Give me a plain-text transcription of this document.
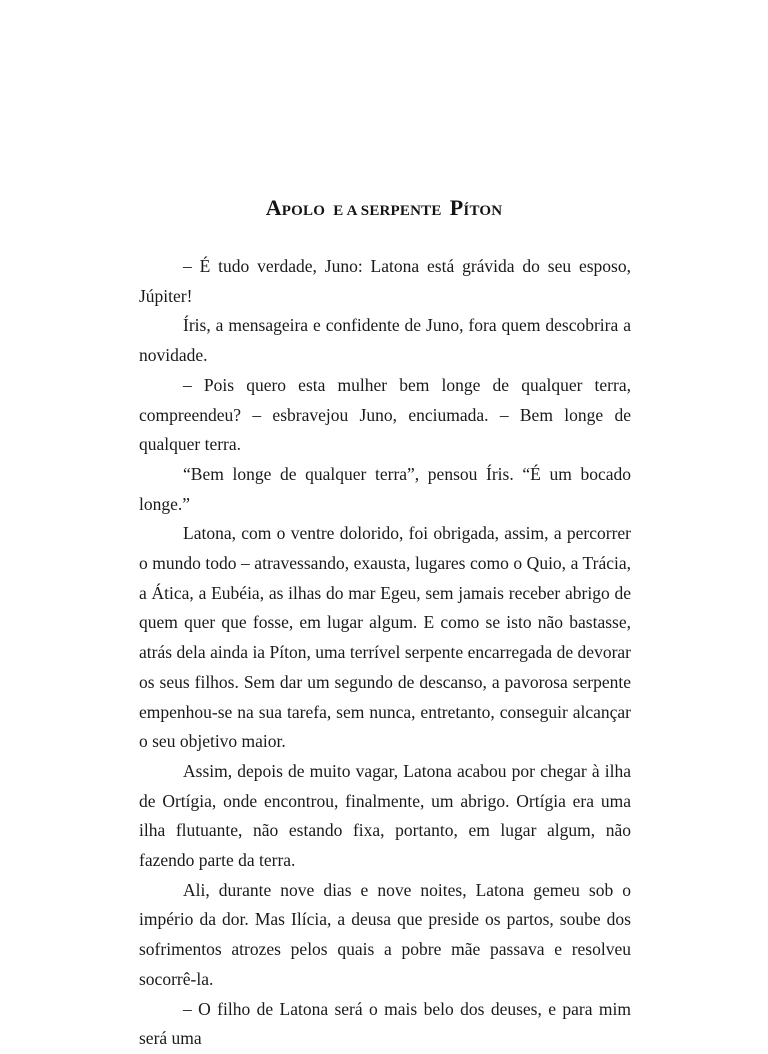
APOLO E A SERPENTE PÍTON

– É tudo verdade, Juno: Latona está grávida do seu esposo, Júpiter!

Íris, a mensageira e confidente de Juno, fora quem descobrira a novidade.

– Pois quero esta mulher bem longe de qualquer terra, compreendeu? – esbravejou Juno, enciumada. – Bem longe de qualquer terra.

“Bem longe de qualquer terra”, pensou Íris. “É um bocado longe.”

Latona, com o ventre dolorido, foi obrigada, assim, a percorrer o mundo todo – atravessando, exausta, lugares como o Quio, a Trácia, a Ática, a Eubéia, as ilhas do mar Egeu, sem jamais receber abrigo de quem quer que fosse, em lugar algum. E como se isto não bastasse, atrás dela ainda ia Píton, uma terrível serpente encarregada de devorar os seus filhos. Sem dar um segundo de descanso, a pavorosa serpente empenhou-se na sua tarefa, sem nunca, entretanto, conseguir alcançar o seu objetivo maior.

Assim, depois de muito vagar, Latona acabou por chegar à ilha de Ortígia, onde encontrou, finalmente, um abrigo. Ortígia era uma ilha flutuante, não estando fixa, portanto, em lugar algum, não fazendo parte da terra.

Ali, durante nove dias e nove noites, Latona gemeu sob o império da dor. Mas Ilícia, a deusa que preside os partos, soube dos sofrimentos atrozes pelos quais a pobre mãe passava e resolveu socorrê-la.

– O filho de Latona será o mais belo dos deuses, e para mim será uma
